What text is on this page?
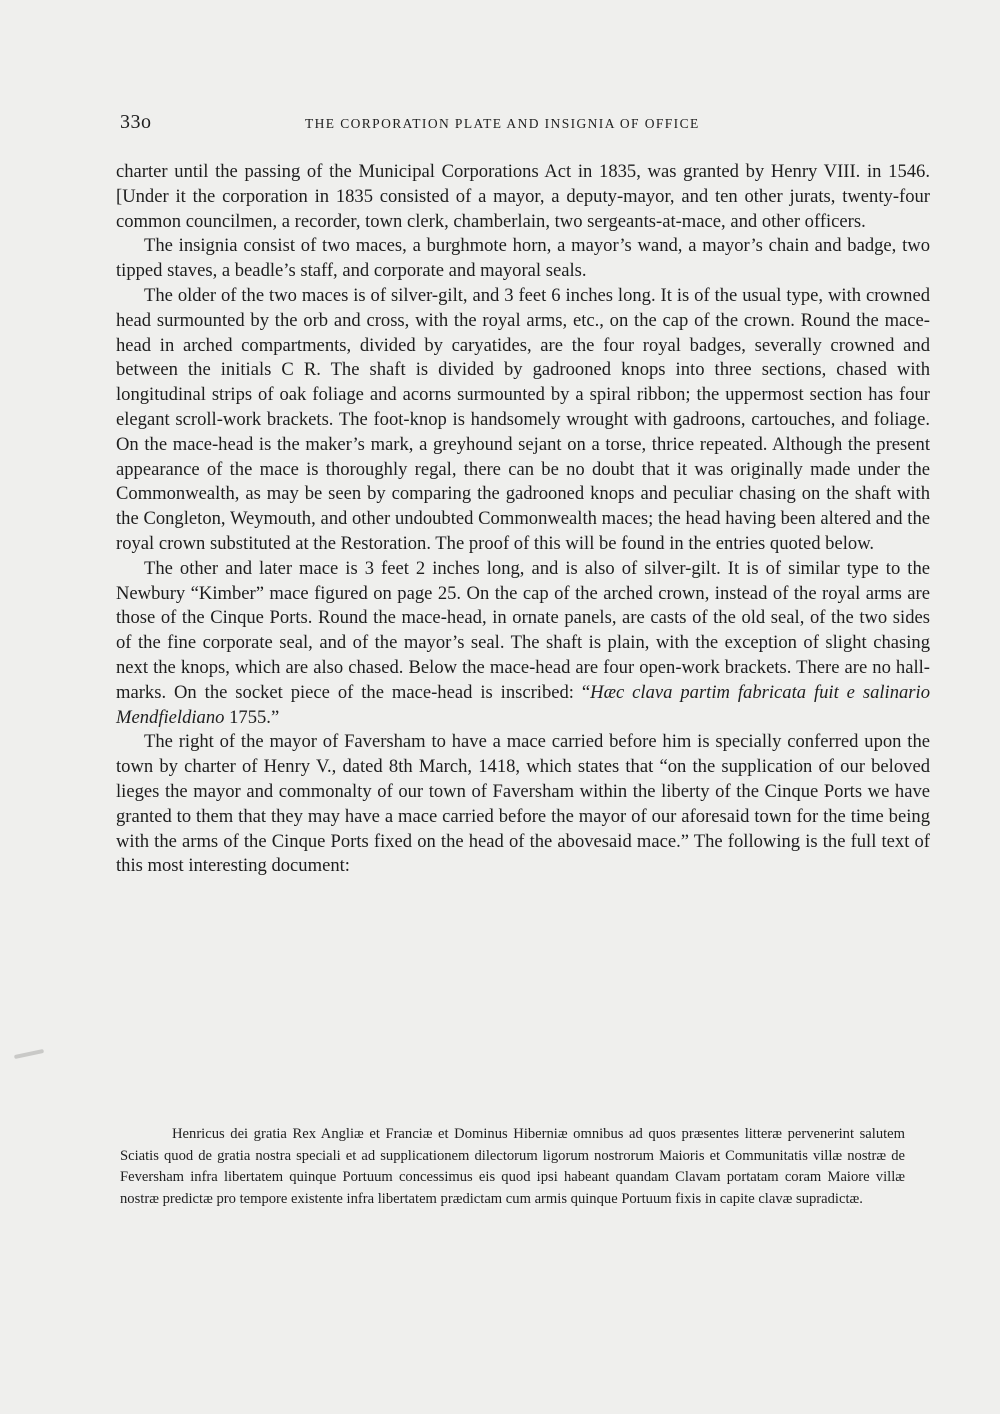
33o	THE CORPORATION PLATE AND INSIGNIA OF OFFICE

charter until the passing of the Municipal Corporations Act in 1835, was granted by Henry VIII. in 1546. [Under it the corporation in 1835 consisted of a mayor, a deputy-mayor, and ten other jurats, twenty-four common councilmen, a recorder, town clerk, chamberlain, two sergeants-at-mace, and other officers.

The insignia consist of two maces, a burghmote horn, a mayor’s wand, a mayor’s chain and badge, two tipped staves, a beadle’s staff, and corporate and mayoral seals.

The older of the two maces is of silver-gilt, and 3 feet 6 inches long. It is of the usual type, with crowned head surmounted by the orb and cross, with the royal arms, etc., on the cap of the crown. Round the mace-head in arched compartments, divided by caryatides, are the four royal badges, severally crowned and between the initials C R. The shaft is divided by gadrooned knops into three sections, chased with longitudinal strips of oak foliage and acorns surmounted by a spiral ribbon; the uppermost section has four elegant scroll-work brackets. The foot-knop is handsomely wrought with gadroons, cartouches, and foliage. On the mace-head is the maker’s mark, a greyhound sejant on a torse, thrice repeated. Although the present appearance of the mace is thoroughly regal, there can be no doubt that it was originally made under the Commonwealth, as may be seen by comparing the gadrooned knops and peculiar chasing on the shaft with the Congleton, Weymouth, and other undoubted Commonwealth maces; the head having been altered and the royal crown substituted at the Restoration. The proof of this will be found in the entries quoted below.

The other and later mace is 3 feet 2 inches long, and is also of silver-gilt. It is of similar type to the Newbury “Kimber” mace figured on page 25. On the cap of the arched crown, instead of the royal arms are those of the Cinque Ports. Round the mace-head, in ornate panels, are casts of the old seal, of the two sides of the fine corporate seal, and of the mayor’s seal. The shaft is plain, with the exception of slight chasing next the knops, which are also chased. Below the mace-head are four open-work brackets. There are no hall-marks. On the socket piece of the mace-head is inscribed: “Hæc clava partim fabricata fuit e salinario Mendfieldiano 1755.”

The right of the mayor of Faversham to have a mace carried before him is specially conferred upon the town by charter of Henry V., dated 8th March, 1418, which states that “on the supplication of our beloved lieges the mayor and commonalty of our town of Faversham within the liberty of the Cinque Ports we have granted to them that they may have a mace carried before the mayor of our aforesaid town for the time being with the arms of the Cinque Ports fixed on the head of the abovesaid mace.” The following is the full text of this most interesting document:

Henricus dei gratia Rex Angliæ et Franciæ et Dominus Hiberniæ omnibus ad quos præsentes litteræ pervenerint salutem Sciatis quod de gratia nostra speciali et ad supplicationem dilectorum ligorum nostrorum Maioris et Communitatis villæ nostræ de Feversham infra libertatem quinque Portuum concessimus eis quod ipsi habeant quandam Clavam portatam coram Maiore villæ nostræ predictæ pro tempore existente infra libertatem prædictam cum armis quinque Portuum fixis in capite clavæ supradictæ.
